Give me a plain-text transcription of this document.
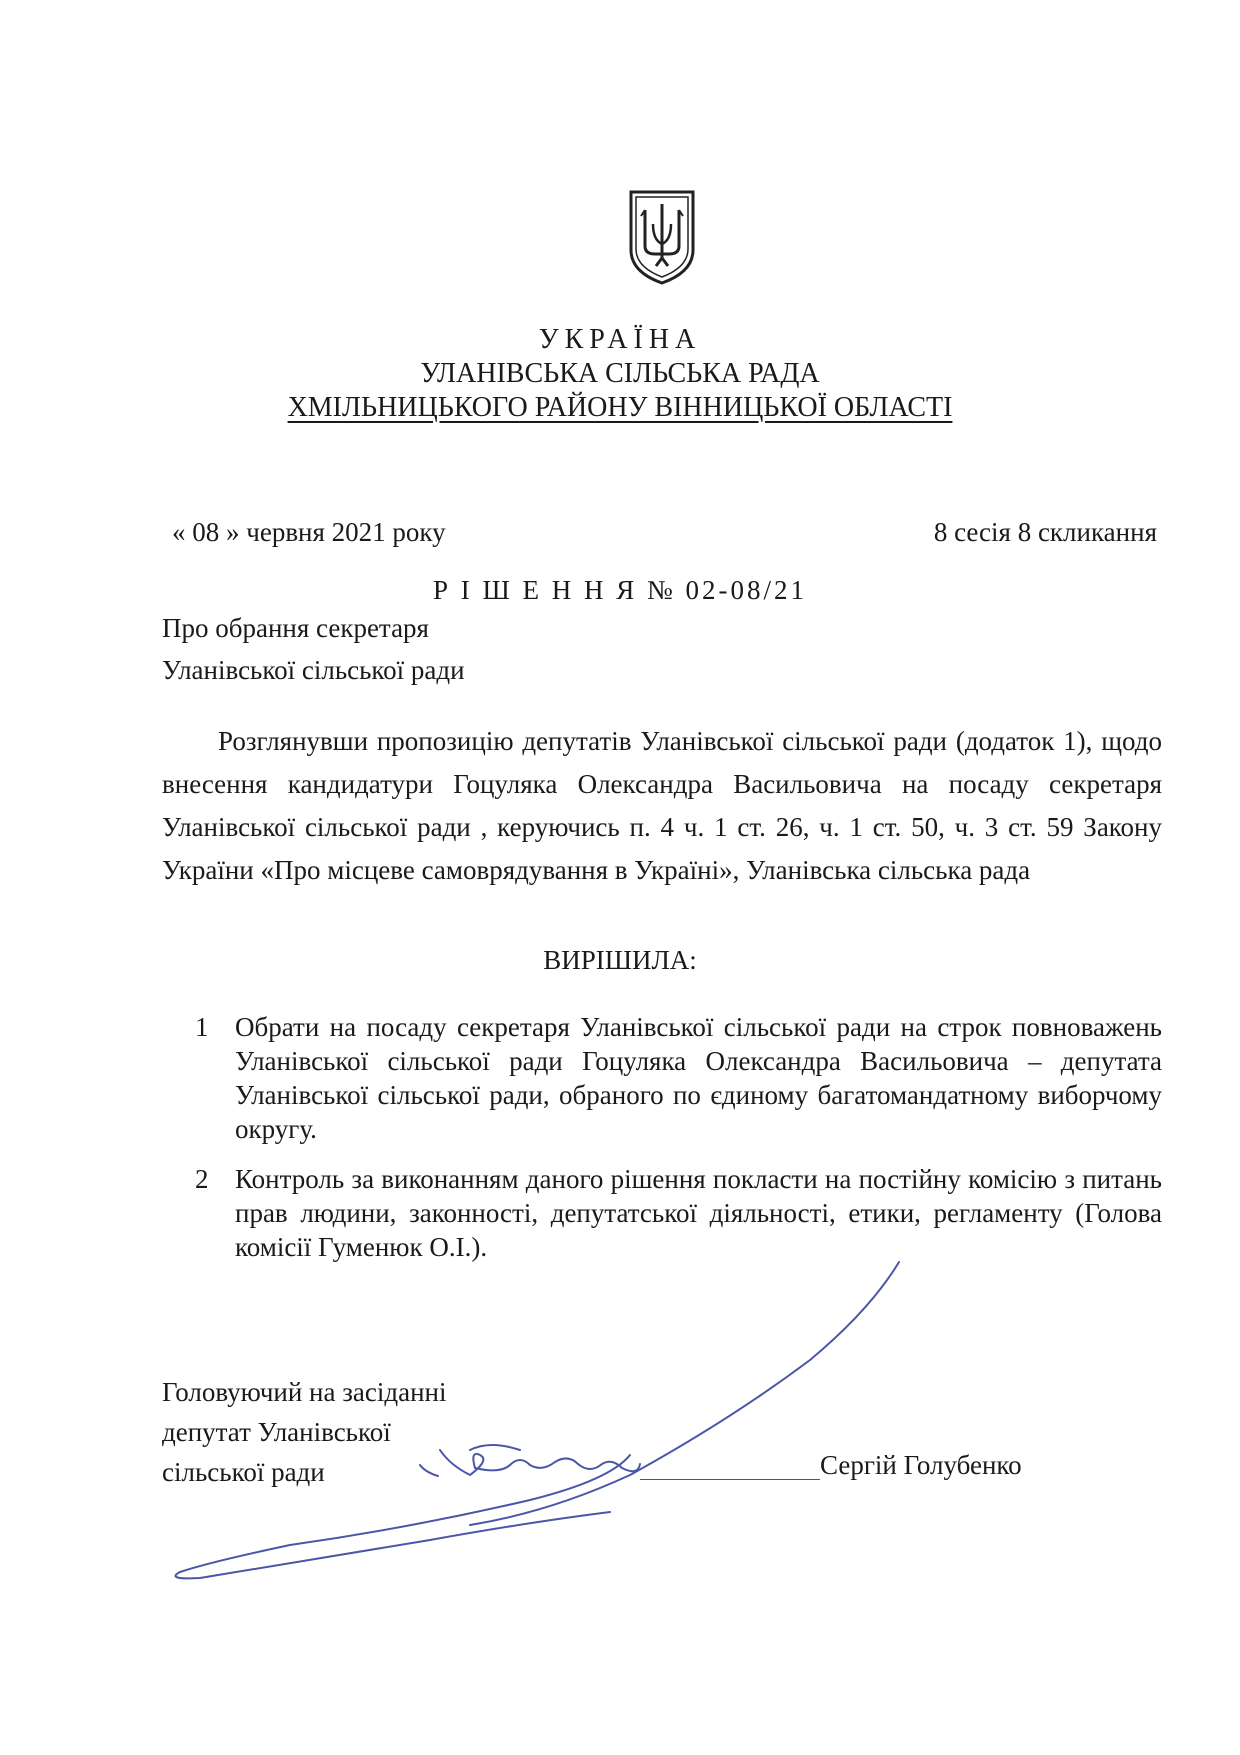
УКРАЇНА
УЛАНІВСЬКА СІЛЬСЬКА РАДА
ХМІЛЬНИЦЬКОГО РАЙОНУ ВІННИЦЬКОЇ ОБЛАСТІ
« 08 » червня 2021 року	8 сесія 8 скликання
Р І Ш Е Н Н Я № 02-08/21
Про обрання секретаря
Уланівської сільської ради
Розглянувши пропозицію депутатів Уланівської сільської ради (додаток 1), щодо внесення кандидатури Гоцуляка Олександра Васильовича на посаду секретаря Уланівської сільської ради , керуючись п. 4 ч. 1 ст. 26, ч. 1 ст. 50, ч. 3 ст. 59 Закону України «Про місцеве самоврядування в Україні», Уланівська сільська рада
ВИРІШИЛА:
1 Обрати на посаду секретаря Уланівської сільської ради на строк повноважень Уланівської сільської ради Гоцуляка Олександра Васильовича – депутата Уланівської сільської ради, обраного по єдиному багатомандатному виборчому округу.
2 Контроль за виконанням даного рішення покласти на постійну комісію з питань прав людини, законності, депутатської діяльності, етики, регламенту (Голова комісії Гуменюк О.І.).
Головуючий на засіданні
депутат Уланівської
сільської ради	Сергій Голубенко
